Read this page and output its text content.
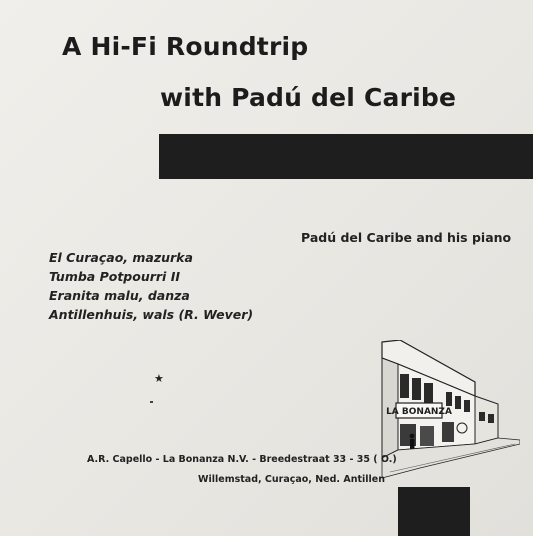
A Hi-Fi Roundtrip
with Padú del Caribe
Padú del Caribe and his piano
El Curaçao, mazurka
Tumba Potpourri II
Eranita malu, danza
Antillenhuis, wals (R. Wever)
★
LA BONANZA
A.R. Capello - La Bonanza N.V. - Breedestraat 33 - 35 ( O.)
Willemstad, Curaçao, Ned. Antillen
